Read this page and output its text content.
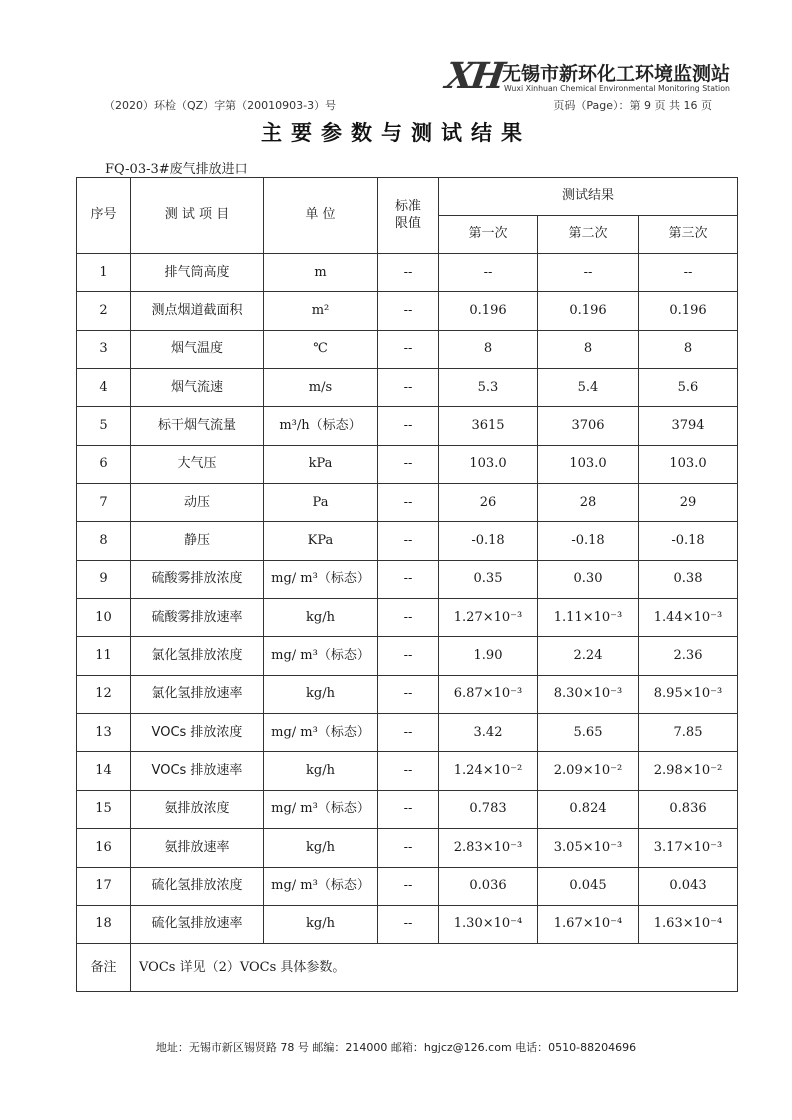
XH
无锡市新环化工环境监测站
Wuxi Xinhuan Chemical Environmental Monitoring Station
（2020）环检（QZ）字第（20010903-3）号	页码（Page）：第 9 页 共 16 页
主要参数与测试结果
FQ-03-3#废气排放进口
序号	测 试 项 目	单 位	标准限值	测试结果		
				第一次	第二次	第三次
1	排气筒高度	m	--	--	--	--
2	测点烟道截面积	m²	--	0.196	0.196	0.196
3	烟气温度	℃	--	8	8	8
4	烟气流速	m/s	--	5.3	5.4	5.6
5	标干烟气流量	m³/h（标态）	--	3615	3706	3794
6	大气压	kPa	--	103.0	103.0	103.0
7	动压	Pa	--	26	28	29
8	静压	KPa	--	-0.18	-0.18	-0.18
9	硫酸雾排放浓度	mg/ m³（标态）	--	0.35	0.30	0.38
10	硫酸雾排放速率	kg/h	--	1.27×10⁻³	1.11×10⁻³	1.44×10⁻³
11	氯化氢排放浓度	mg/ m³（标态）	--	1.90	2.24	2.36
12	氯化氢排放速率	kg/h	--	6.87×10⁻³	8.30×10⁻³	8.95×10⁻³
13	VOCs 排放浓度	mg/ m³（标态）	--	3.42	5.65	7.85
14	VOCs 排放速率	kg/h	--	1.24×10⁻²	2.09×10⁻²	2.98×10⁻²
15	氨排放浓度	mg/ m³（标态）	--	0.783	0.824	0.836
16	氨排放速率	kg/h	--	2.83×10⁻³	3.05×10⁻³	3.17×10⁻³
17	硫化氢排放浓度	mg/ m³（标态）	--	0.036	0.045	0.043
18	硫化氢排放速率	kg/h	--	1.30×10⁻⁴	1.67×10⁻⁴	1.63×10⁻⁴
备注	VOCs 详见（2）VOCs 具体参数。					
地址：无锡市新区锡贤路 78 号 邮编：214000 邮箱：hgjcz@126.com 电话：0510-88204696
